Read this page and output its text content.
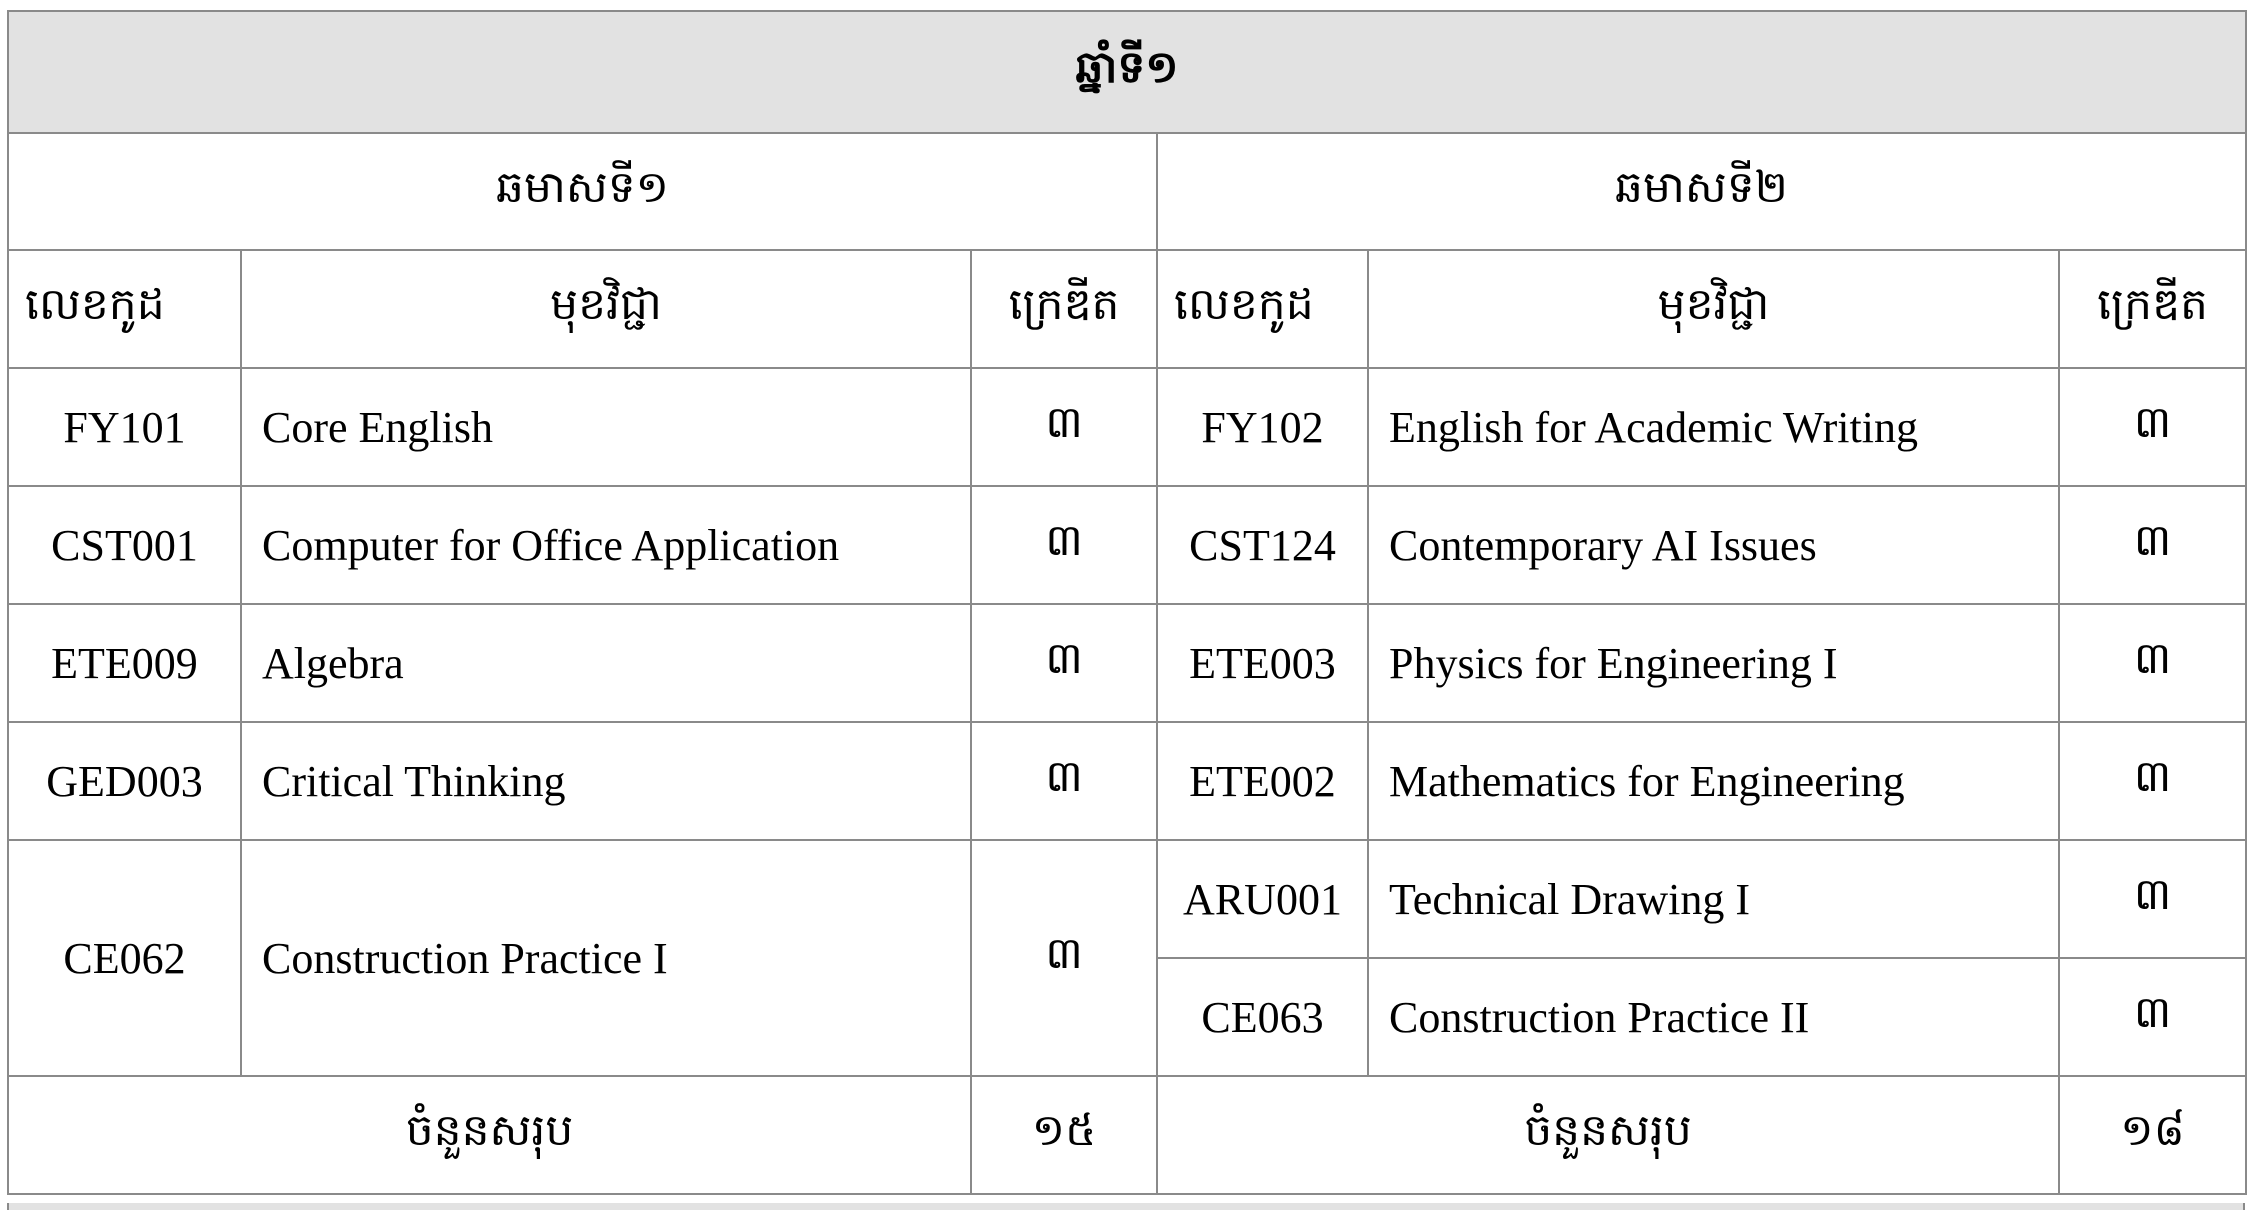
ឆ្នាំទី១					
ឆមាសទី១			ឆមាសទី២		
លេខកូដ	មុខវិជ្ជា	ក្រេឌីត	លេខកូដ	មុខវិជ្ជា	ក្រេឌីត
FY101	Core English	៣	FY102	English for Academic Writing	៣
CST001	Computer for Office Application	៣	CST124	Contemporary AI Issues	៣
ETE009	Algebra	៣	ETE003	Physics for Engineering I	៣
GED003	Critical Thinking	៣	ETE002	Mathematics for Engineering	៣
CE062	Construction Practice I	៣	ARU001	Technical Drawing I	៣
			CE063	Construction Practice II	៣
ចំនួនសរុប		១៥	ចំនួនសរុប		១៨
